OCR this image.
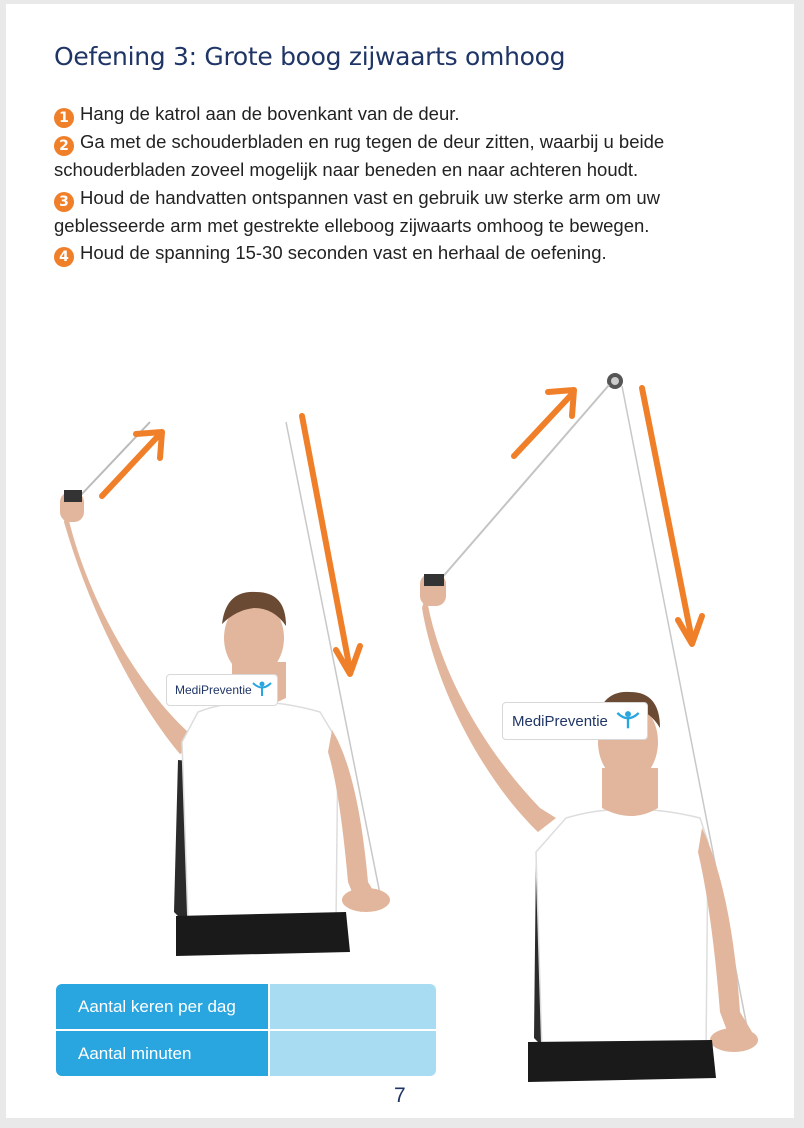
Oefening 3: Grote boog zijwaarts omhoog

1 Hang de katrol aan de bovenkant van de deur.

2 Ga met de schouderbladen en rug tegen de deur zitten, waarbij u beide schouderbladen zoveel mogelijk naar beneden en naar achteren houdt.

3 Houd de handvatten ontspannen vast en gebruik uw sterke arm om uw geblesseerde arm met gestrekte elleboog zijwaarts omhoog te bewegen.

4 Houd de spanning 15-30 seconden vast en herhaal de oefening.

MediPreventie
MediPreventie
Aantal keren per dag
Aantal minuten
7
